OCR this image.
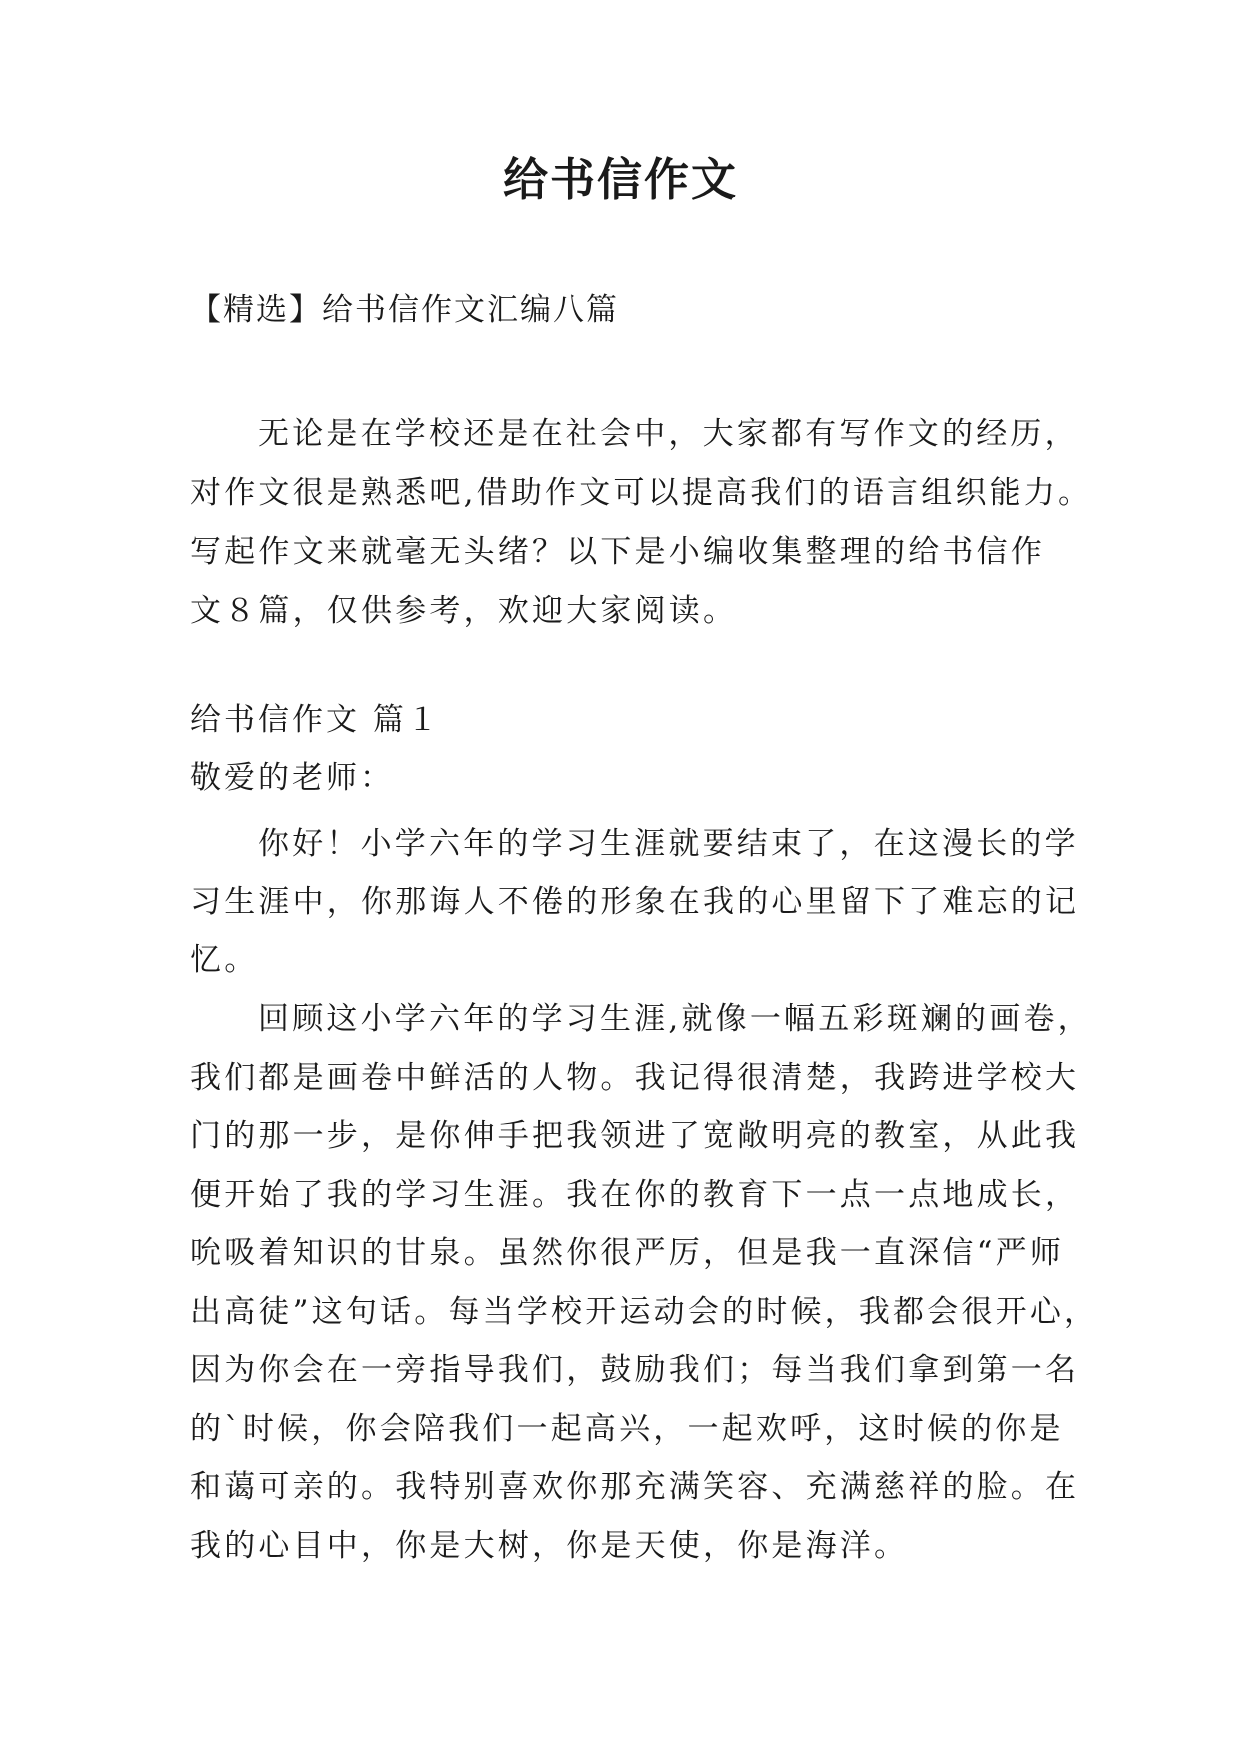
给书信作文
【精选】给书信作文汇编八篇
无论是在学校还是在社会中，大家都有写作文的经历，
对作文很是熟悉吧,借助作文可以提高我们的语言组织能力。
写起作文来就毫无头绪？以下是小编收集整理的给书信作
文８篇，仅供参考，欢迎大家阅读。
给书信作文 篇１
敬爱的老师：
你好！小学六年的学习生涯就要结束了，在这漫长的学
习生涯中，你那诲人不倦的形象在我的心里留下了难忘的记
忆。
回顾这小学六年的学习生涯,就像一幅五彩斑斓的画卷，
我们都是画卷中鲜活的人物。我记得很清楚，我跨进学校大
门的那一步，是你伸手把我领进了宽敞明亮的教室，从此我
便开始了我的学习生涯。我在你的教育下一点一点地成长，
吮吸着知识的甘泉。虽然你很严厉，但是我一直深信“严师
出高徒”这句话。每当学校开运动会的时候，我都会很开心，
因为你会在一旁指导我们，鼓励我们；每当我们拿到第一名
的`时候，你会陪我们一起高兴，一起欢呼，这时候的你是
和蔼可亲的。我特别喜欢你那充满笑容、充满慈祥的脸。在
我的心目中，你是大树，你是天使，你是海洋。
